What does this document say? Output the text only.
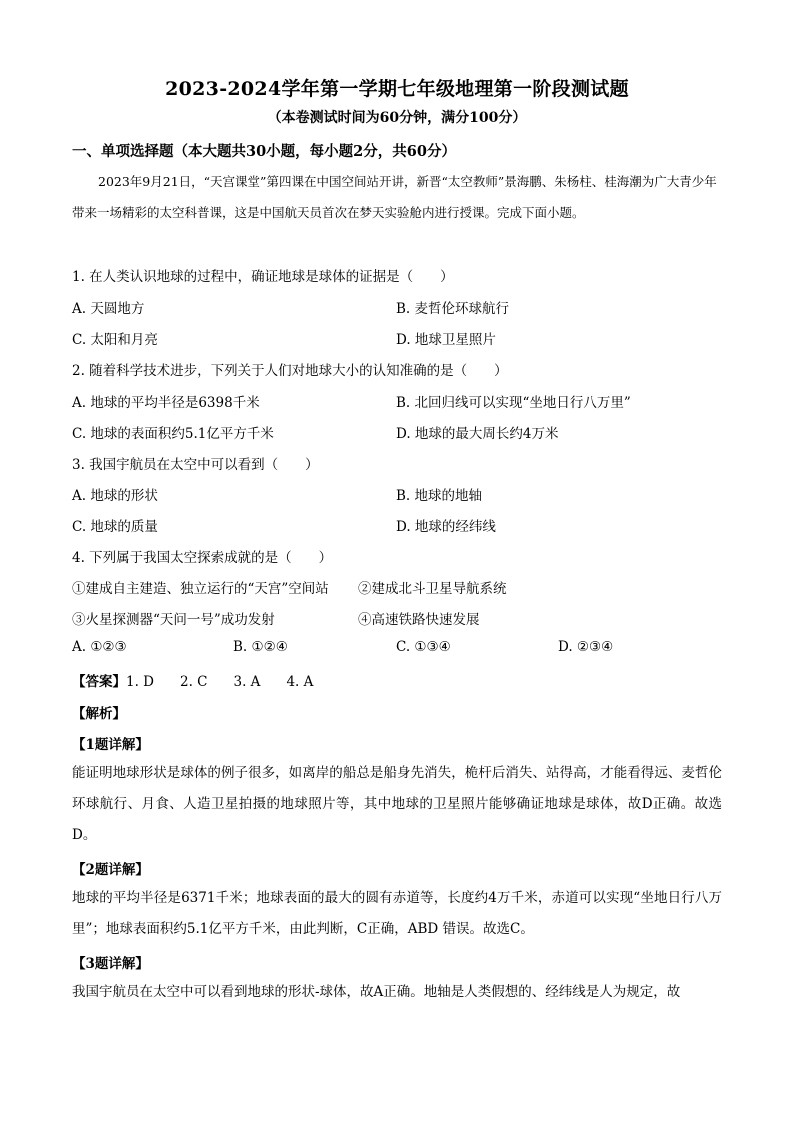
2023-2024学年第一学期七年级地理第一阶段测试题
（本卷测试时间为60分钟，满分100分）
一、单项选择题（本大题共30小题，每小题2分，共60分）
2023年9月21日，“天宫课堂”第四课在中国空间站开讲，新晋“太空教师”景海鹏、朱杨柱、桂海潮为广大青少年带来一场精彩的太空科普课，这是中国航天员首次在梦天实验舱内进行授课。完成下面小题。
1. 在人类认识地球的过程中，确证地球是球体的证据是（　　）
A. 天圆地方	B. 麦哲伦环球航行
C. 太阳和月亮	D. 地球卫星照片
2. 随着科学技术进步，下列关于人们对地球大小的认知准确的是（　　）
A. 地球的平均半径是6398千米	B. 北回归线可以实现“坐地日行八万里”
C. 地球的表面积约5.1亿平方千米	D. 地球的最大周长约4万米
3. 我国宇航员在太空中可以看到（　　）
A. 地球的形状	B. 地球的地轴
C. 地球的质量	D. 地球的经纬线
4. 下列属于我国太空探索成就的是（　　）
①建成自主建造、独立运行的“天宫”空间站 ②建成北斗卫星导航系统
③火星探测器“天问一号”成功发射	④高速铁路快速发展
A. ①②③	B. ①②④	C. ①③④	D. ②③④
【答案】1. D 2. C 3. A 4. A
【解析】
【1题详解】
能证明地球形状是球体的例子很多，如离岸的船总是船身先消失，桅杆后消失、站得高，才能看得远、麦哲伦环球航行、月食、人造卫星拍摄的地球照片等，其中地球的卫星照片能够确证地球是球体，故D正确。故选D。
【2题详解】
地球的平均半径是6371千米；地球表面的最大的圆有赤道等，长度约4万千米，赤道可以实现“坐地日行八万里”；地球表面积约5.1亿平方千米，由此判断，C正确，ABD 错误。故选C。
【3题详解】
我国宇航员在太空中可以看到地球的形状-球体，故A正确。地轴是人类假想的、经纬线是人为规定，故
